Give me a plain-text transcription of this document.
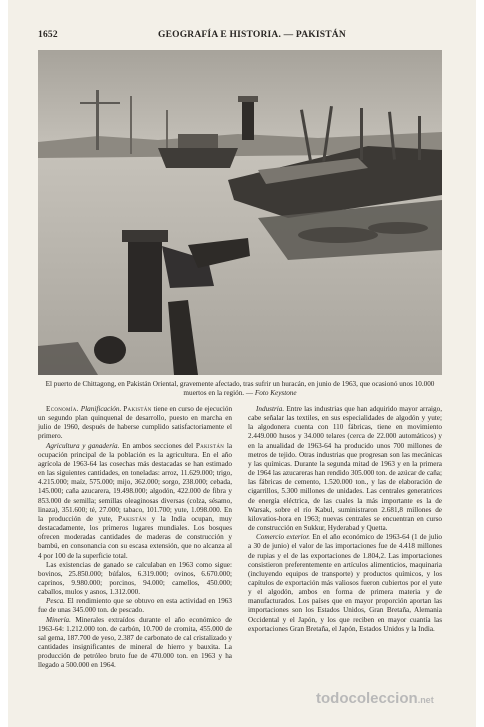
1652	GEOGRAFÍA E HISTORIA. — PAKISTÁN
El puerto de Chittagong, en Pakistán Oriental, gravemente afectado, tras sufrir un huracán, en junio de 1963, que ocasionó unos 10.000 muertos en la región. — Foto Keystone

Economía. Planificación. Pakistán tiene en curso de ejecución un segundo plan quinquenal de desarrollo, puesto en marcha en julio de 1960, después de haberse cumplido satisfactoriamente el primero.

Agricultura y ganadería. En ambos secciones del Pakistán la ocupación principal de la población es la agricultura. En el año agrícola de 1963-64 las cosechas más destacadas se han estimado en las siguientes cantidades, en toneladas: arroz, 11.629.000; trigo, 4.215.000; maíz, 575.000; mijo, 362.000; sorgo, 238.000; cebada, 145.000; caña azucarera, 19.498.000; algodón, 422.000 de fibra y 853.000 de semilla; semillas oleaginosas diversas (colza, sésamo, linaza), 351.600; té, 27.000; tabaco, 101.700; yute, 1.098.000. En la producción de yute, Pakistán y la India ocupan, muy destacadamente, los primeros lugares mundiales. Los bosques ofrecen moderadas cantidades de maderas de construcción y bambú, en consonancia con su escasa extensión, que no alcanza al 4 por 100 de la superficie total.

Las existencias de ganado se calculaban en 1963 como sigue: bovinos, 25.850.000; búfalos, 6.319.000; ovinos, 6.670.000; caprinos, 9.980.000; porcinos, 94.000; camellos, 450.000; caballos, mulos y asnos, 1.312.000.

Pesca. El rendimiento que se obtuvo en esta actividad en 1963 fue de unas 345.000 ton. de pescado.

Minería. Minerales extraídos durante el año económico de 1963-64: 1.212.000 ton. de carbón, 10.700 de cromita, 455.000 de sal gema, 187.700 de yeso, 2.387 de carbonato de cal cristalizado y cantidades insignificantes de mineral de hierro y bauxita. La producción de petróleo bruto fue de 470.000 ton. en 1963 y ha llegado a 500.000 en 1964.

Industria. Entre las industrias que han adquirido mayor arraigo, cabe señalar las textiles, en sus especialidades de algodón y yute; la algodonera cuenta con 110 fábricas, tiene en movimiento 2.449.000 husos y 34.000 telares (cerca de 22.000 automáticos) y en la anualidad de 1963-64 ha producido unos 700 millones de metros de tejido. Otras industrias que progresan son las mecánicas y las químicas. Durante la segunda mitad de 1963 y en la primera de 1964 las azucareras han rendido 305.000 ton. de azúcar de caña; las fábricas de cemento, 1.520.000 ton., y las de elaboración de cigarrillos, 5.300 millones de unidades. Las centrales generatrices de energía eléctrica, de las cuales la más importante es la de Warsak, sobre el río Kabul, suministraron 2.681,8 millones de kilovatios-hora en 1963; nuevas centrales se encuentran en curso de construcción en Sukkur, Hyderabad y Quetta.

Comercio exterior. En el año económico de 1963-64 (1 de julio a 30 de junio) el valor de las importaciones fue de 4.418 millones de rupias y el de las exportaciones de 1.804,2. Las importaciones consistieron preferentemente en artículos alimenticios, maquinaria (incluyendo equipos de transporte) y productos químicos, y los capítulos de exportación más valiosos fueron cubiertos por el yute y el algodón, ambos en forma de primera materia y de manufacturados. Los países que en mayor proporción aportan las importaciones son los Estados Unidos, Gran Bretaña, Alemania Occidental y el Japón, y los que reciben en mayor cuantía las exportaciones Gran Bretaña, el Japón, Estados Unidos y la India.

todocoleccion.net
